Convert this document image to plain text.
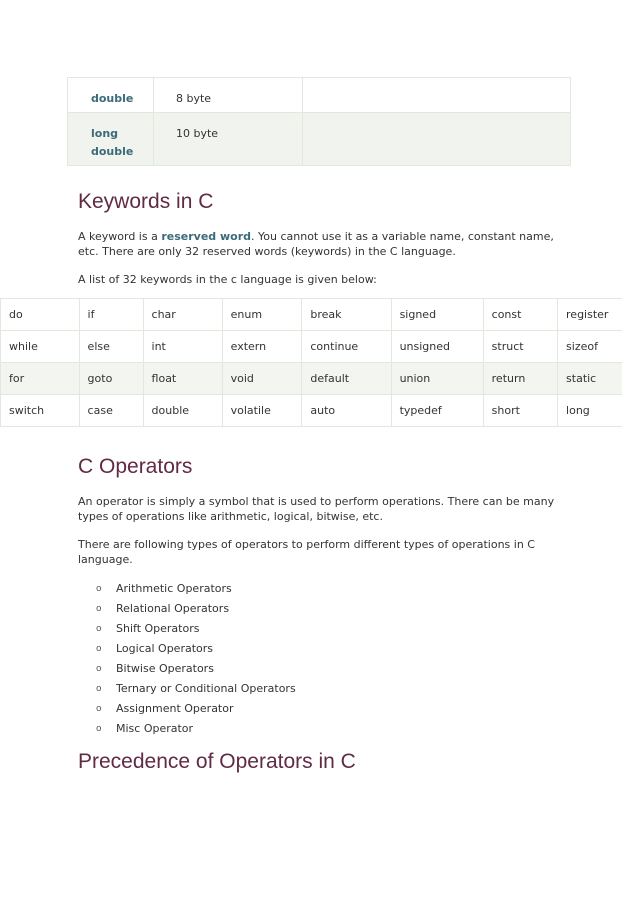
double	8 byte	
long
double	10 byte	
Keywords in C

A keyword is a reserved word. You cannot use it as a variable name, constant name, etc. There are only 32 reserved words (keywords) in the C language.

A list of 32 keywords in the c language is given below:

do	if	char	enum	break	signed	const	register
while	else	int	extern	continue	unsigned	struct	sizeof
for	goto	float	void	default	union	return	static
switch	case	double	volatile	auto	typedef	short	long
C Operators

An operator is simply a symbol that is used to perform operations. There can be many types of operations like arithmetic, logical, bitwise, etc.

There are following types of operators to perform different types of operations in C language.

o	Arithmetic Operators
o	Relational Operators
o	Shift Operators
o	Logical Operators
o	Bitwise Operators
o	Ternary or Conditional Operators
o	Assignment Operator
o	Misc Operator
Precedence of Operators in C
